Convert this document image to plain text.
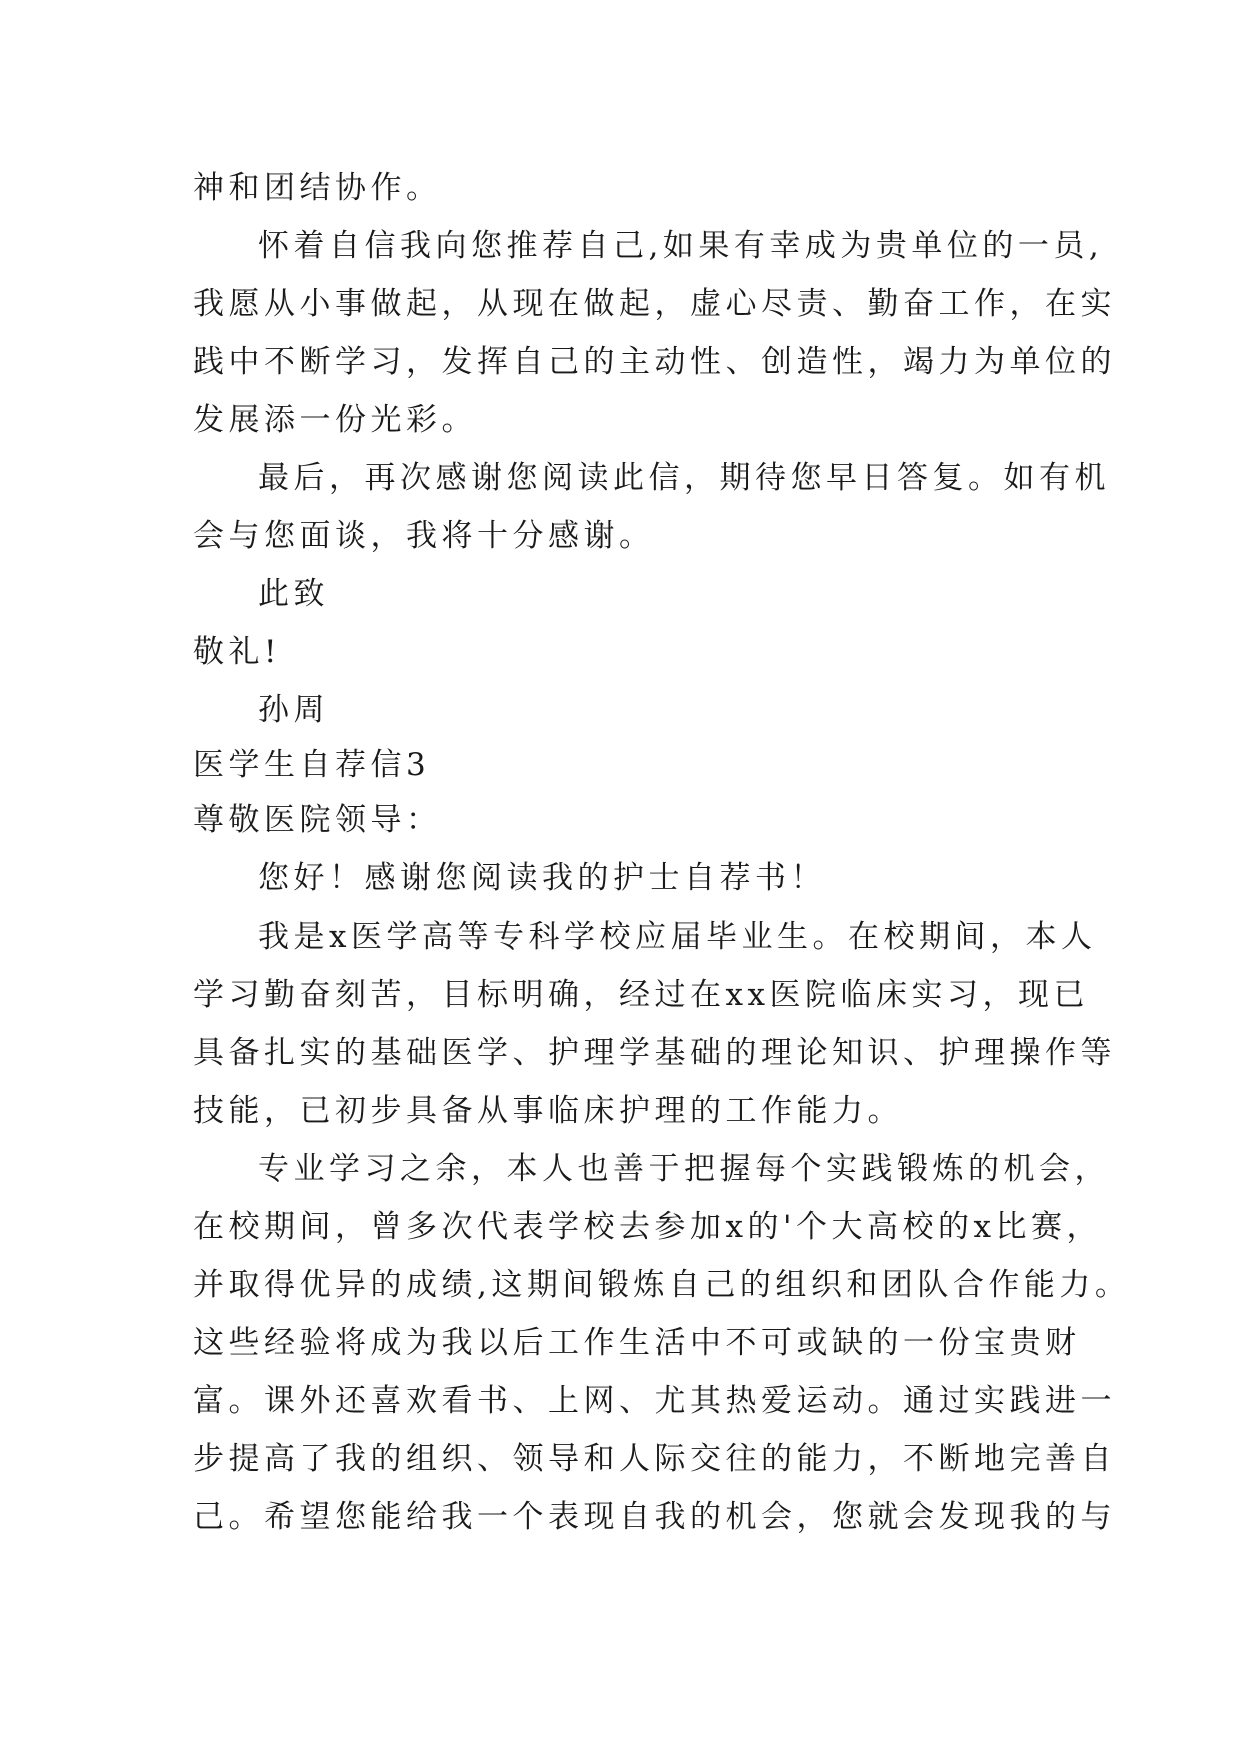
神和团结协作。
怀着自信我向您推荐自己,如果有幸成为贵单位的一员,
我愿从小事做起，从现在做起，虚心尽责、勤奋工作，在实
践中不断学习，发挥自己的主动性、创造性，竭力为单位的
发展添一份光彩。
最后，再次感谢您阅读此信，期待您早日答复。如有机
会与您面谈，我将十分感谢。
此致
敬礼!
孙周
医学生自荐信3
尊敬医院领导：
您好！感谢您阅读我的护士自荐书！
我是x医学高等专科学校应届毕业生。在校期间，本人
学习勤奋刻苦，目标明确，经过在xx医院临床实习，现已
具备扎实的基础医学、护理学基础的理论知识、护理操作等
技能，已初步具备从事临床护理的工作能力。
专业学习之余，本人也善于把握每个实践锻炼的机会，
在校期间，曾多次代表学校去参加x的'个大高校的x比赛，
并取得优异的成绩,这期间锻炼自己的组织和团队合作能力。
这些经验将成为我以后工作生活中不可或缺的一份宝贵财
富。课外还喜欢看书、上网、尤其热爱运动。通过实践进一
步提高了我的组织、领导和人际交往的能力，不断地完善自
己。希望您能给我一个表现自我的机会，您就会发现我的与
